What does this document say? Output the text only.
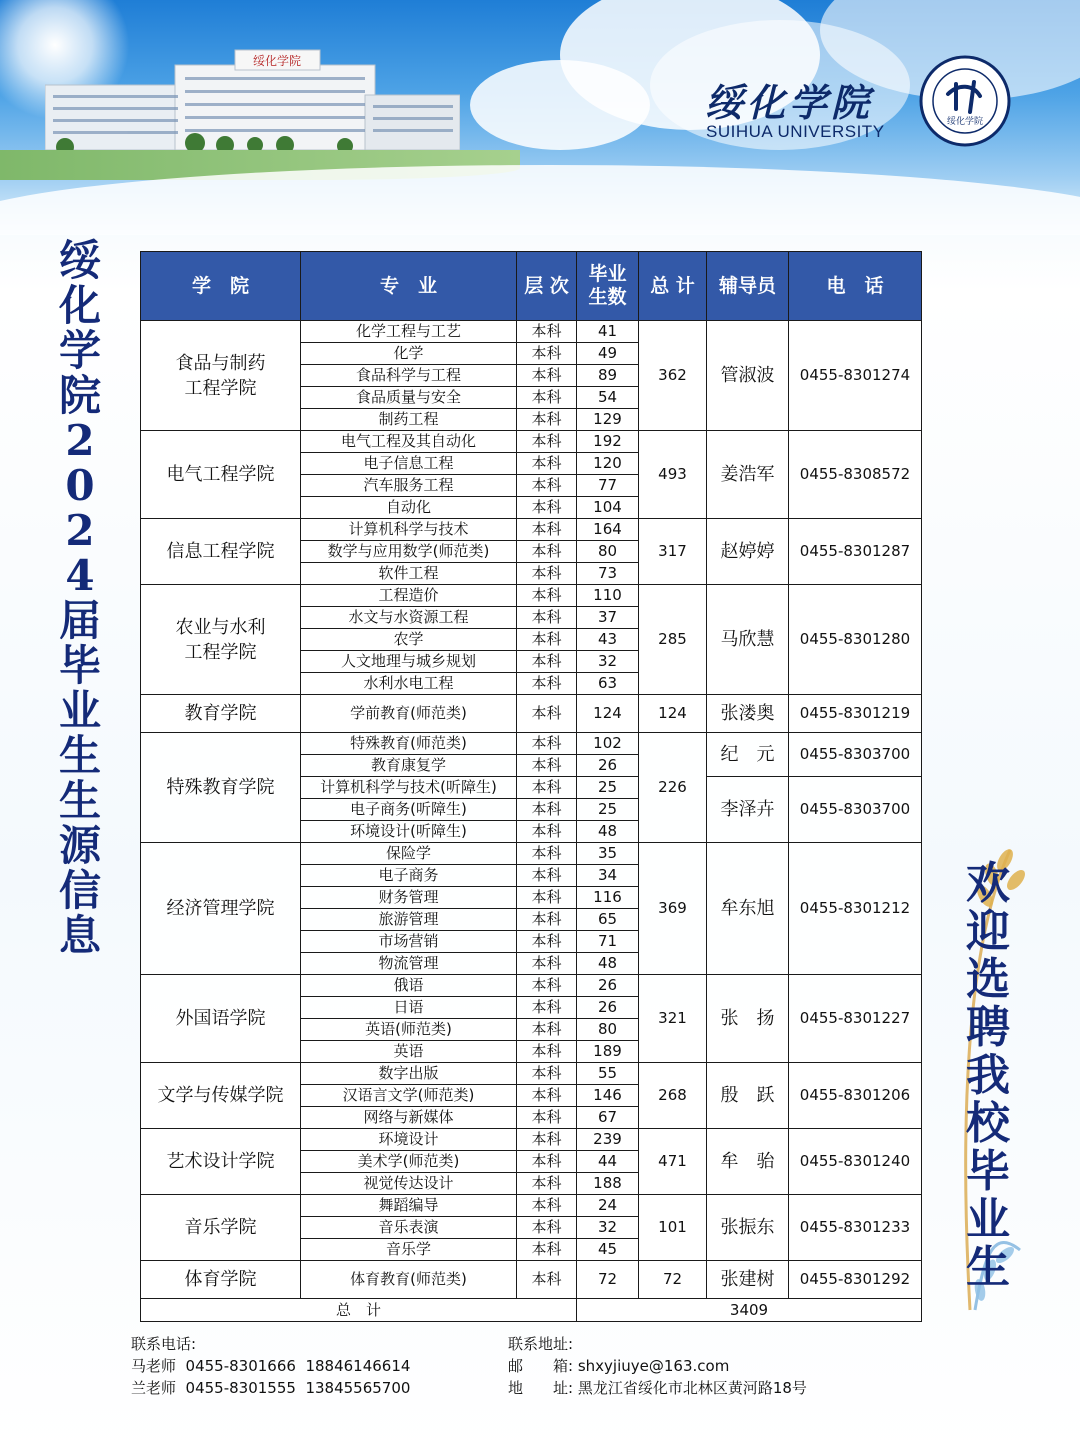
绥化学院
绥化学院
SUIHUA UNIVERSITY	绥化学院
绥
化
学
院
2
0
2
4
届
毕
业
生
生
源
信
息
欢
迎
选
聘
我
校
毕
业
生
学　院	专　业	层 次	毕业
生数	总 计	辅导员	电　话
食品与制药
工程学院	化学工程与工艺	本科	41	362	管淑波	0455-8301274
	化学	本科	49			
	食品科学与工程	本科	89			
	食品质量与安全	本科	54			
	制药工程	本科	129			
电气工程学院	电气工程及其自动化	本科	192	493	姜浩军	0455-8308572
	电子信息工程	本科	120			
	汽车服务工程	本科	77			
	自动化	本科	104			
信息工程学院	计算机科学与技术	本科	164	317	赵婷婷	0455-8301287
	数学与应用数学(师范类)	本科	80			
	软件工程	本科	73			
农业与水利
工程学院	工程造价	本科	110	285	马欣慧	0455-8301280
	水文与水资源工程	本科	37			
	农学	本科	43			
	人文地理与城乡规划	本科	32			
	水利水电工程	本科	63			
教育学院	学前教育(师范类)	本科	124	124	张溇奥	0455-8301219
特殊教育学院	特殊教育(师范类)	本科	102	226	纪　元	0455-8303700
	教育康复学	本科	26			
	计算机科学与技术(听障生)	本科	25		李泽卉	0455-8303700
	电子商务(听障生)	本科	25			
	环境设计(听障生)	本科	48			
经济管理学院	保险学	本科	35	369	牟东旭	0455-8301212
	电子商务	本科	34			
	财务管理	本科	116			
	旅游管理	本科	65			
	市场营销	本科	71			
	物流管理	本科	48			
外国语学院	俄语	本科	26	321	张　扬	0455-8301227
	日语	本科	26			
	英语(师范类)	本科	80			
	英语	本科	189			
文学与传媒学院	数字出版	本科	55	268	殷　跃	0455-8301206
	汉语言文学(师范类)	本科	146			
	网络与新媒体	本科	67			
艺术设计学院	环境设计	本科	239	471	牟　骀	0455-8301240
	美术学(师范类)	本科	44			
	视觉传达设计	本科	188			
音乐学院	舞蹈编导	本科	24	101	张振东	0455-8301233
	音乐表演	本科	32			
	音乐学	本科	45			
体育学院	体育教育(师范类)	本科	72	72	张建树	0455-8301292
总　计			3409			
联系电话:
马老师  0455-8301666  18846146614
兰老师  0455-8301555  13845565700
联系地址:
邮　　箱: shxyjiuye@163.com
地　　址: 黑龙江省绥化市北林区黄河路18号
